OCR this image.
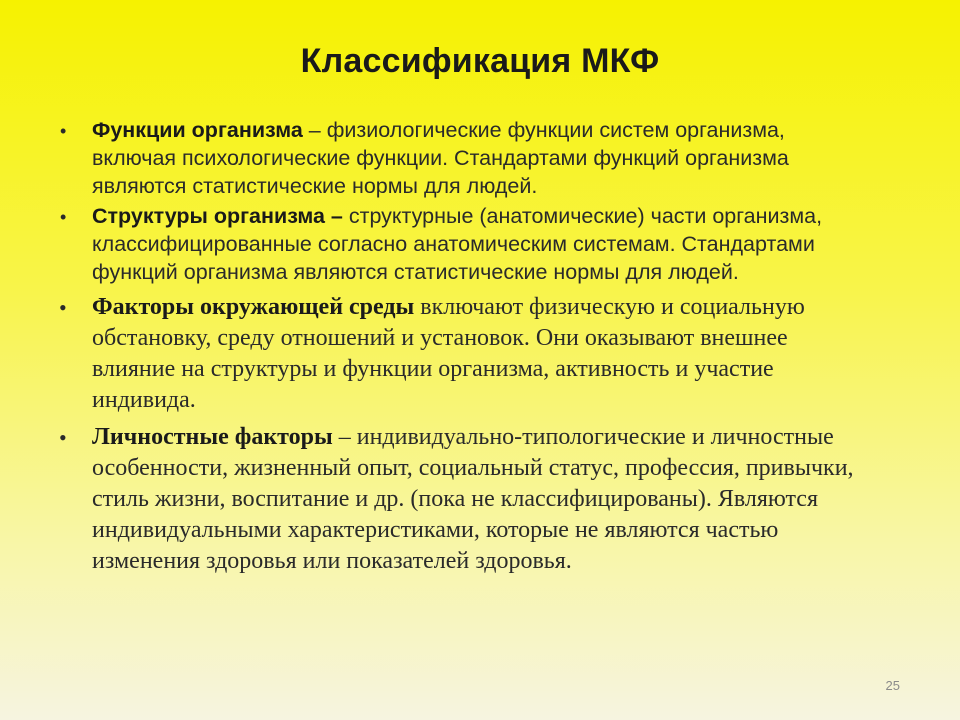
Классификация МКФ
• Функции организма – физиологические функции систем организма, включая психологические функции. Стандартами функций организма являются статистические нормы для людей.
• Структуры организма – структурные (анатомические) части организма, классифицированные согласно анатомическим системам. Стандартами функций организма являются статистические нормы для людей.
• Факторы окружающей среды включают физическую и социальную обстановку, среду отношений и установок. Они оказывают внешнее влияние на структуры и функции организма, активность и участие индивида.
• Личностные факторы – индивидуально-типологические и личностные особенности, жизненный опыт, социальный статус, профессия, привычки, стиль жизни, воспитание и др. (пока не классифицированы). Являются индивидуальными характеристиками, которые не являются частью изменения здоровья или показателей здоровья.
25
